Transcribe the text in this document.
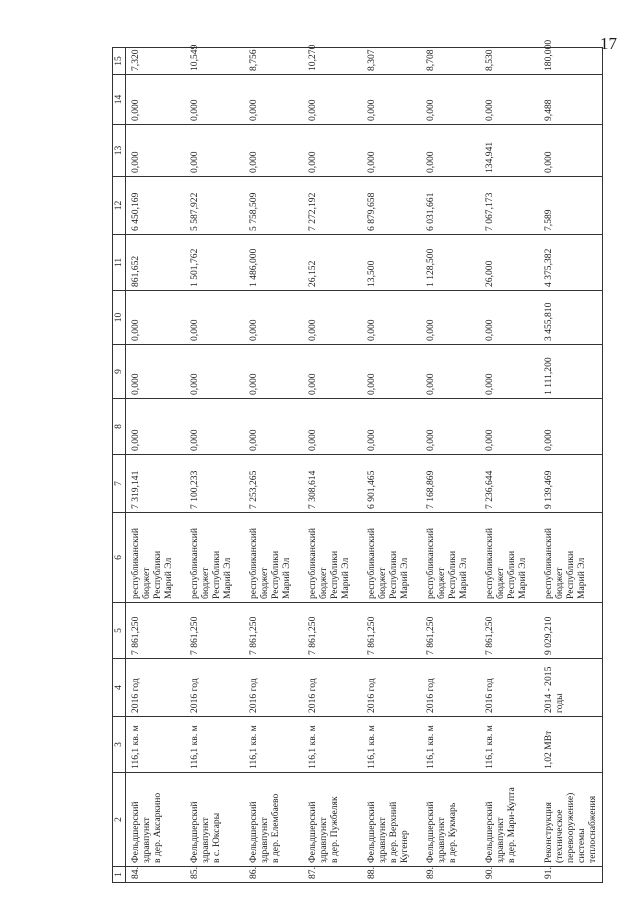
17
1	2	3	4	5	6	7	8	9	10	11	12	13	14	15
84.	Фельдшерский
здравпункт
в дер. Аксаркино	116,1 кв. м	2016 год	7 861,250	республиканский
бюджет
Республики
Марий Эл	7 319,141	0,000	0,000	0,000	861,652	6 450,169	0,000	0,000	7,320
85.	Фельдшерский
здравпункт
в с. Юксары	116,1 кв. м	2016 год	7 861,250	республиканский
бюджет
Республики
Марий Эл	7 100,233	0,000	0,000	0,000	1 501,762	5 587,922	0,000	0,000	10,549
86.	Фельдшерский
здравпункт
в дер. Елембаево	116,1 кв. м	2016 год	7 861,250	республиканский
бюджет
Республики
Марий Эл	7 253,265	0,000	0,000	0,000	1 486,000	5 758,509	0,000	0,000	8,756
87.	Фельдшерский
здравпункт
в дер. Пужбеляк	116,1 кв. м	2016 год	7 861,250	республиканский
бюджет
Республики
Марий Эл	7 308,614	0,000	0,000	0,000	26,152	7 272,192	0,000	0,000	10,270
88.	Фельдшерский
здравпункт
в дер. Верхний
Кугенер	116,1 кв. м	2016 год	7 861,250	республиканский
бюджет
Республики
Марий Эл	6 901,465	0,000	0,000	0,000	13,500	6 879,658	0,000	0,000	8,307
89.	Фельдшерский
здравпункт
в дер. Кукмарь	116,1 кв. м	2016 год	7 861,250	республиканский
бюджет
Республики
Марий Эл	7 168,869	0,000	0,000	0,000	1 128,500	6 031,661	0,000	0,000	8,708
90.	Фельдшерский
здравпункт
в дер. Мари-Купта	116,1 кв. м	2016 год	7 861,250	республиканский
бюджет
Республики
Марий Эл	7 236,644	0,000	0,000	0,000	26,000	7 067,173	134,941	0,000	8,530
91.	Реконструкция
(техническое
перевооружение)
системы
теплоснабжения	1,02 МВт	2014 - 2015
годы	9 029,210	республиканский
бюджет
Республики
Марий Эл	9 139,469	0,000	1 111,200	3 455,810	4 375,382	7,589	0,000	9,488	180,000
